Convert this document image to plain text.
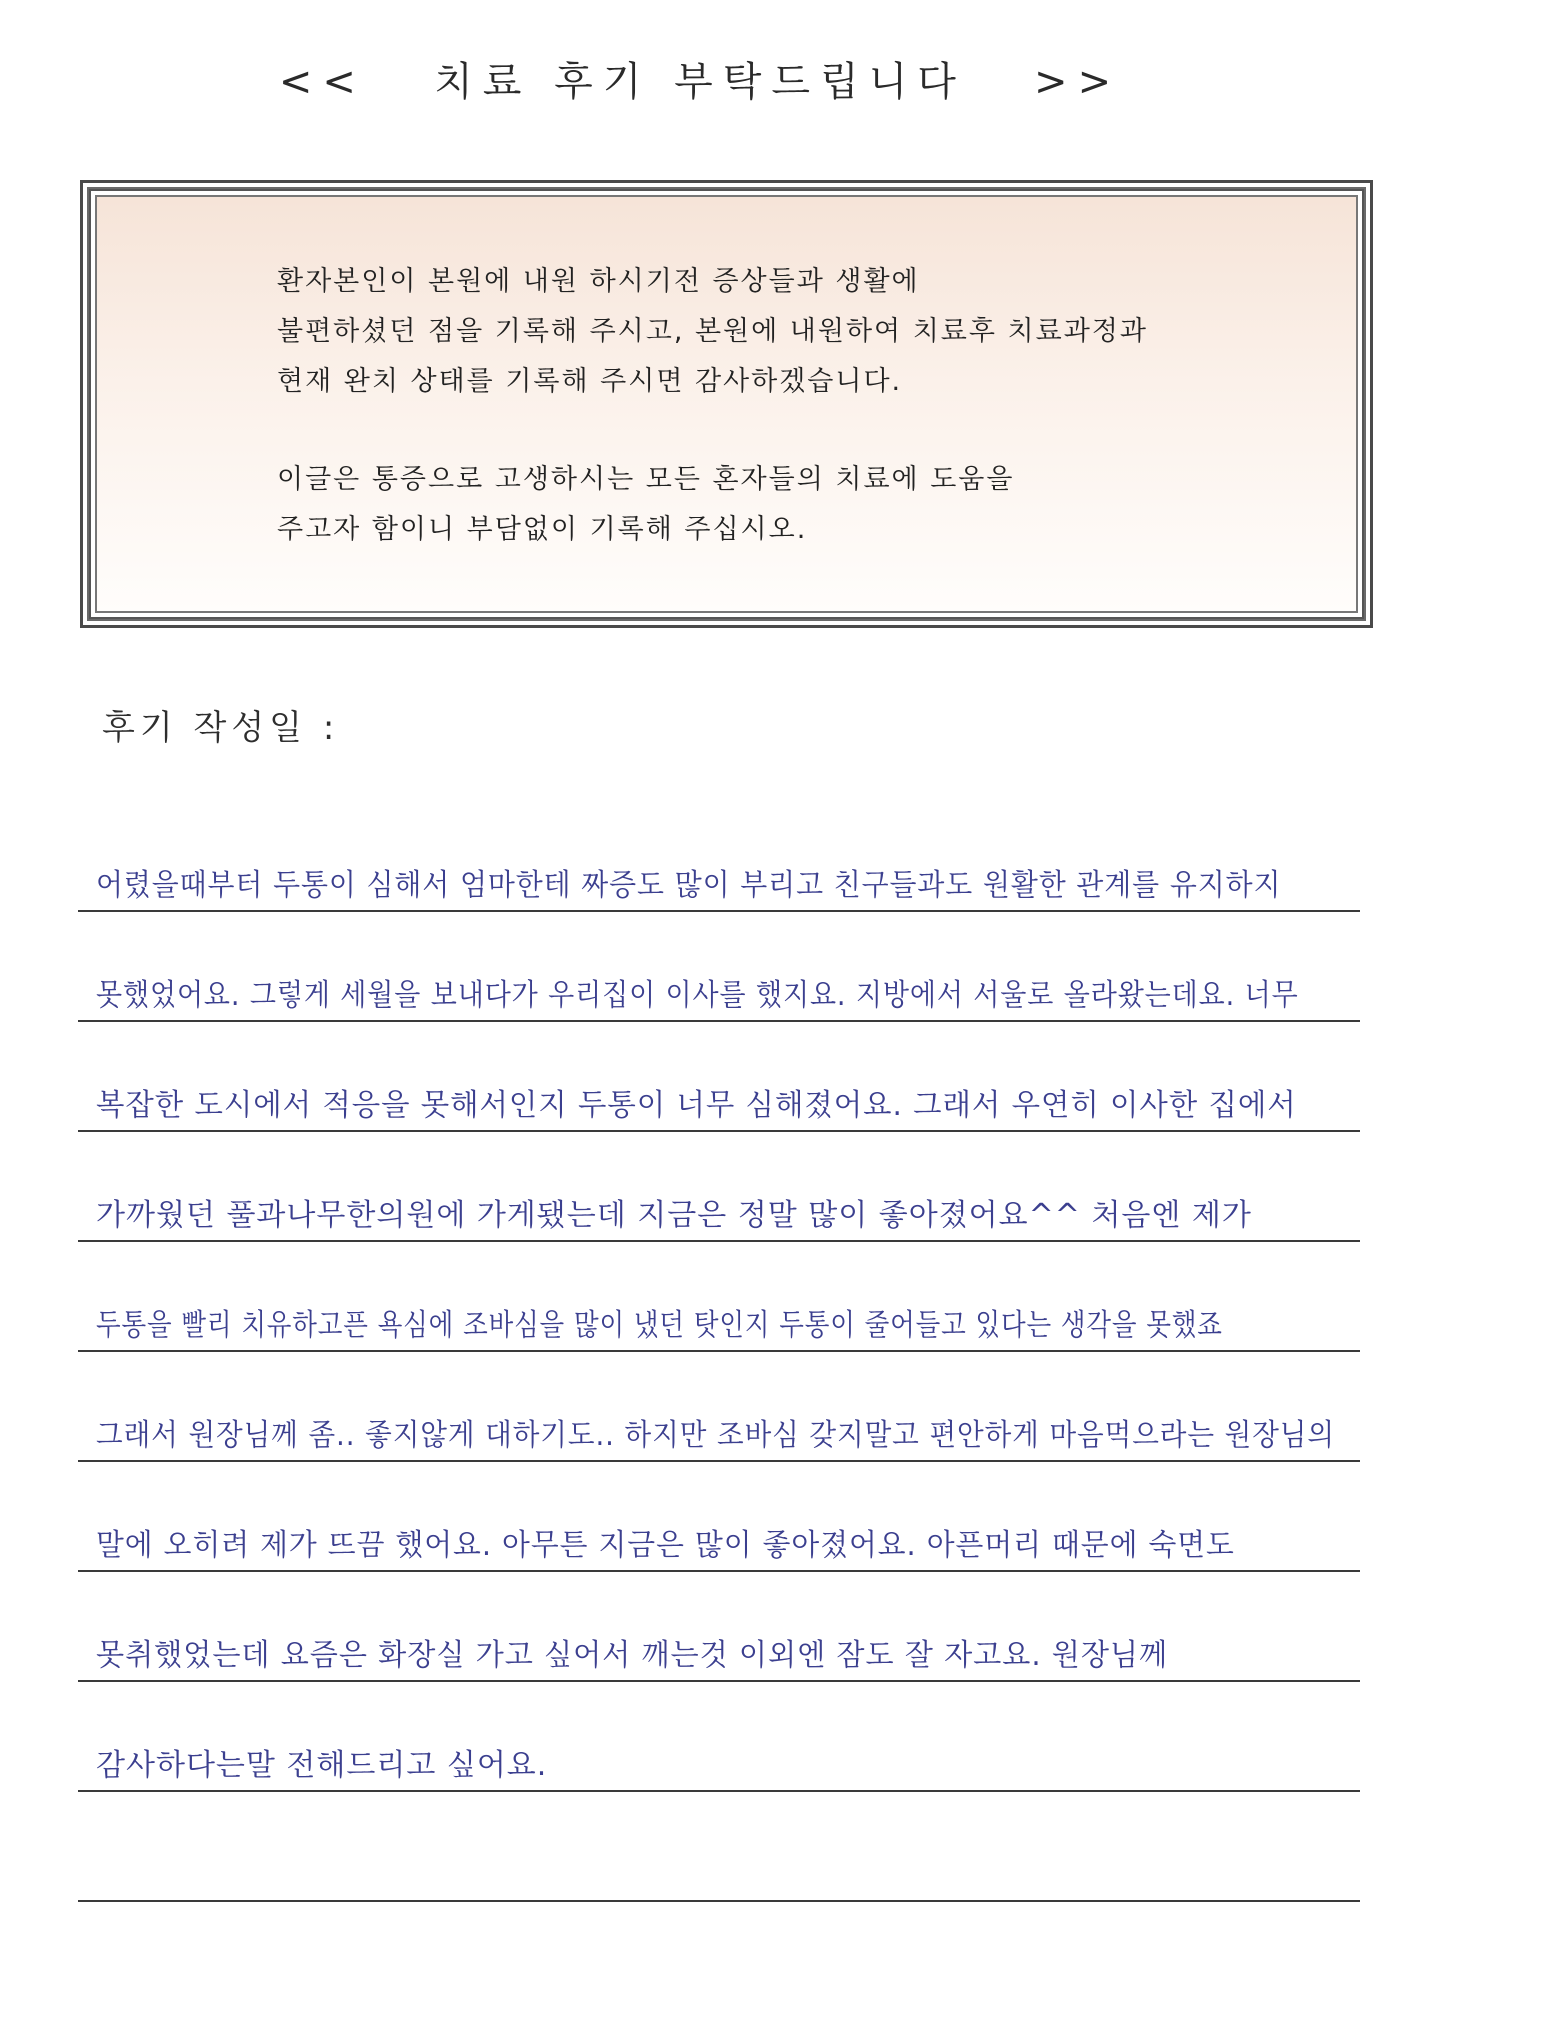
<<   치료 후기 부탁드립니다   >>

환자본인이 본원에 내원 하시기전 증상들과 생활에

불편하셨던 점을 기록해 주시고, 본원에 내원하여 치료후 치료과정과

현재 완치 상태를 기록해 주시면 감사하겠습니다.

이글은 통증으로 고생하시는 모든 혼자들의 치료에 도움을

주고자 함이니 부담없이 기록해 주십시오.

후기 작성일 :
어렸을때부터 두통이 심해서 엄마한테 짜증도 많이 부리고 친구들과도 원활한 관계를 유지하지
못했었어요. 그렇게 세월을 보내다가 우리집이 이사를 했지요. 지방에서 서울로 올라왔는데요. 너무
복잡한 도시에서 적응을 못해서인지 두통이 너무 심해졌어요. 그래서 우연히 이사한 집에서
가까웠던 풀과나무한의원에 가게됐는데 지금은 정말 많이 좋아졌어요^^ 처음엔 제가
두통을 빨리 치유하고픈 욕심에 조바심을 많이 냈던 탓인지 두통이 줄어들고 있다는 생각을 못했죠
그래서 원장님께 좀.. 좋지않게 대하기도.. 하지만 조바심 갖지말고 편안하게 마음먹으라는 원장님의
말에 오히려 제가 뜨끔 했어요. 아무튼 지금은 많이 좋아졌어요. 아픈머리 때문에 숙면도
못취했었는데 요즘은 화장실 가고 싶어서 깨는것 이외엔 잠도 잘 자고요. 원장님께
감사하다는말 전해드리고 싶어요.
